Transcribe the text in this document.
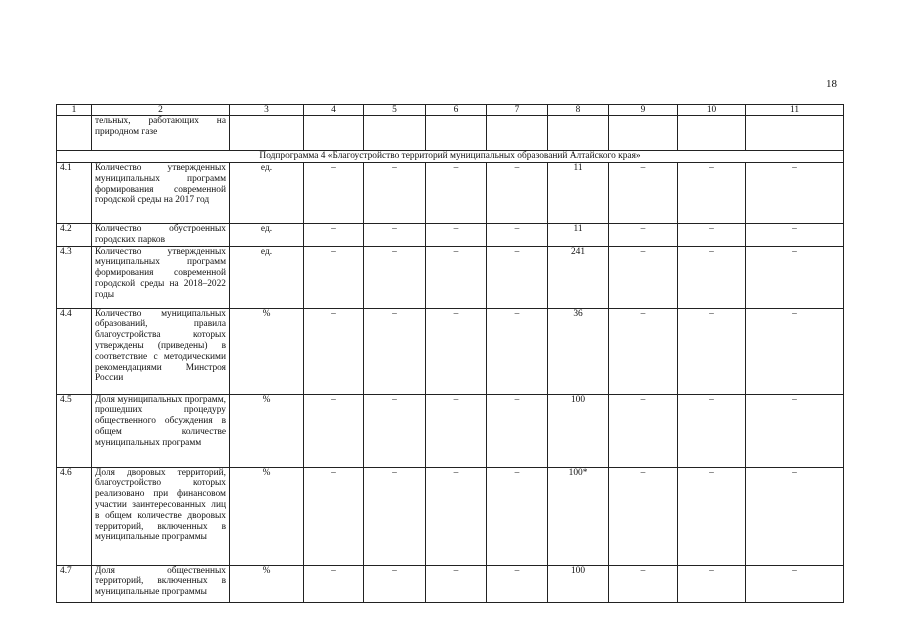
18
1	2	3	4	5	6	7	8	9	10	11
	тельных, работающих на природном газе									
Подпрограмма 4 «Благоустройство территорий муниципальных образований Алтайского края»										
4.1	Количество утвержденных муниципальных программ формирования современной городской среды на 2017 год	ед.	–	–	–	–	11	–	–	–
4.2	Количество обустроенных городских парков	ед.	–	–	–	–	11	–	–	–
4.3	Количество утвержденных муниципальных программ формирования современной городской среды на 2018–2022 годы	ед.	–	–	–	–	241	–	–	–
4.4	Количество муниципальных образований, правила благоустройства которых утверждены (приведены) в соответствие с методическими рекомендациями Минстроя России	%	–	–	–	–	36	–	–	–
4.5	Доля муниципальных программ, прошедших процедуру общественного обсуждения в общем количестве муниципальных программ	%	–	–	–	–	100	–	–	–
4.6	Доля дворовых территорий, благоустройство которых реализовано при финансовом участии заинтересованных лиц в общем количестве дворовых территорий, включенных в муниципальные программы	%	–	–	–	–	100*	–	–	–
4.7	Доля общественных территорий, включенных в муниципальные программы	%	–	–	–	–	100	–	–	–
